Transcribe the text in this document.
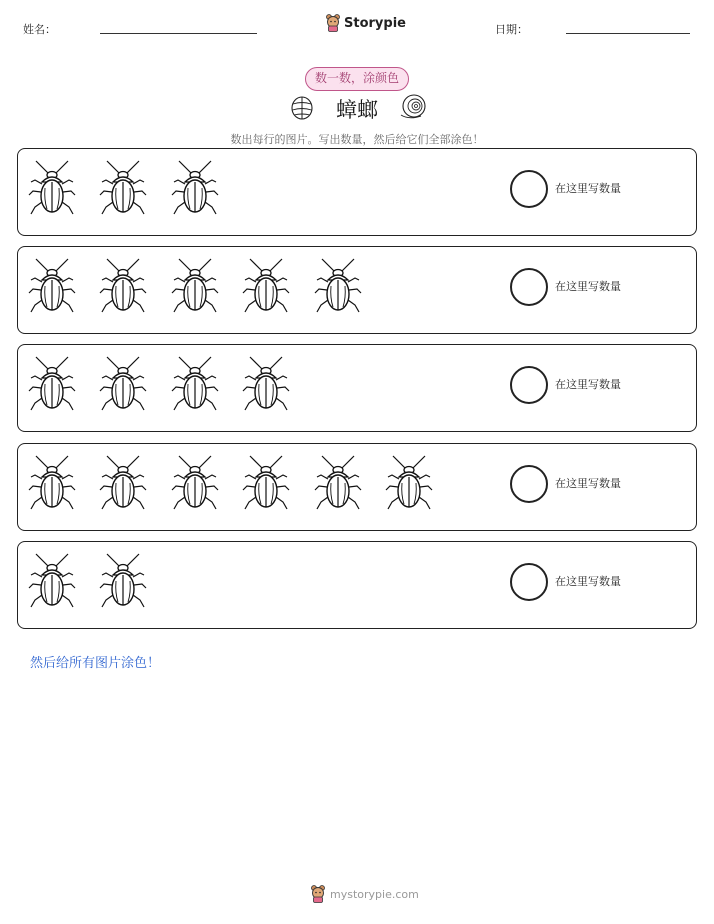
姓名：	Storypie	日期：
数一数，涂颜色
蟑螂
数出每行的图片。写出数量，然后给它们全部涂色！
在这里写数量
在这里写数量
在这里写数量
在这里写数量
在这里写数量
然后给所有图片涂色！
mystorypie.com
